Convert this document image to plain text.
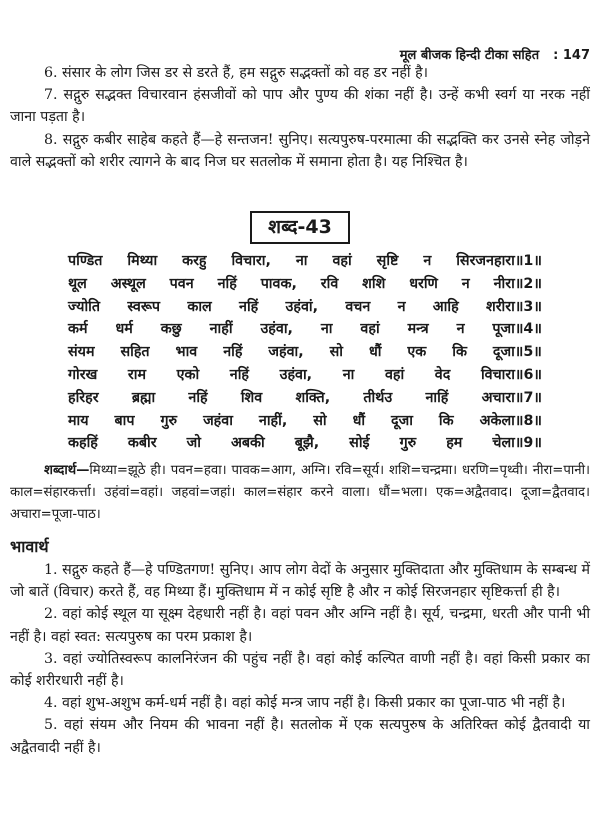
मूल बीजक हिन्दी टीका सहित : 147

6. संसार के लोग जिस डर से डरते हैं, हम सद्गुरु सद्भक्तों को वह डर नहीं है।

7. सद्गुरु सद्भक्त विचारवान हंसजीवों को पाप और पुण्य की शंका नहीं है। उन्हें कभी स्वर्ग या नरक नहीं जाना पड़ता है।

8. सद्गुरु कबीर साहेब कहते हैं—हे सन्तजन! सुनिए। सत्यपुरुष-परमात्मा की सद्भक्ति कर उनसे स्नेह जोड़ने वाले सद्भक्तों को शरीर त्यागने के बाद निज घर सतलोक में समाना होता है। यह निश्चित है।

शब्द-43
पण्डित मिथ्या करहु विचारा, ना वहां सृष्टि न सिरजनहारा॥1॥
थूल अस्थूल पवन नहिं पावक, रवि शशि धरणि न नीरा॥2॥
ज्योति स्वरूप काल नहिं उहंवां, वचन न आहि शरीरा॥3॥
कर्म धर्म कछु नाहीं उहंवा, ना वहां मन्त्र न पूजा॥4॥
संयम सहित भाव नहिं जहंवा, सो धौं एक कि दूजा॥5॥
गोरख राम एको नहिं उहंवा, ना वहां वेद विचारा॥6॥
हरिहर ब्रह्मा नहिं शिव शक्ति, तीर्थउ नाहिं अचारा॥7॥
माय बाप गुरु जहंवा नाहीं, सो धौं दूजा कि अकेला॥8॥
कहहिं कबीर जो अबकी बूझै, सोई गुरु हम चेला॥9॥

शब्दार्थ—मिथ्या=झूठे ही। पवन=हवा। पावक=आग, अग्नि। रवि=सूर्य। शशि=चन्द्रमा। धरणि=पृथ्वी। नीरा=पानी। काल=संहारकर्त्ता। उहंवां=वहां। जहवां=जहां। काल=संहार करने वाला। धौं=भला। एक=अद्वैतवाद। दूजा=द्वैतवाद। अचारा=पूजा-पाठ।

भावार्थ

1. सद्गुरु कहते हैं—हे पण्डितगण! सुनिए। आप लोग वेदों के अनुसार मुक्तिदाता और मुक्तिधाम के सम्बन्ध में जो बातें (विचार) करते हैं, वह मिथ्या हैं। मुक्तिधाम में न कोई सृष्टि है और न कोई सिरजनहार सृष्टिकर्त्ता ही है।

2. वहां कोई स्थूल या सूक्ष्म देहधारी नहीं है। वहां पवन और अग्नि नहीं है। सूर्य, चन्द्रमा, धरती और पानी भी नहीं है। वहां स्वत: सत्यपुरुष का परम प्रकाश है।

3. वहां ज्योतिस्वरूप कालनिरंजन की पहुंच नहीं है। वहां कोई कल्पित वाणी नहीं है। वहां किसी प्रकार का कोई शरीरधारी नहीं है।

4. वहां शुभ-अशुभ कर्म-धर्म नहीं है। वहां कोई मन्त्र जाप नहीं है। किसी प्रकार का पूजा-पाठ भी नहीं है।

5. वहां संयम और नियम की भावना नहीं है। सतलोक में एक सत्यपुरुष के अतिरिक्त कोई द्वैतवादी या अद्वैतवादी नहीं है।
